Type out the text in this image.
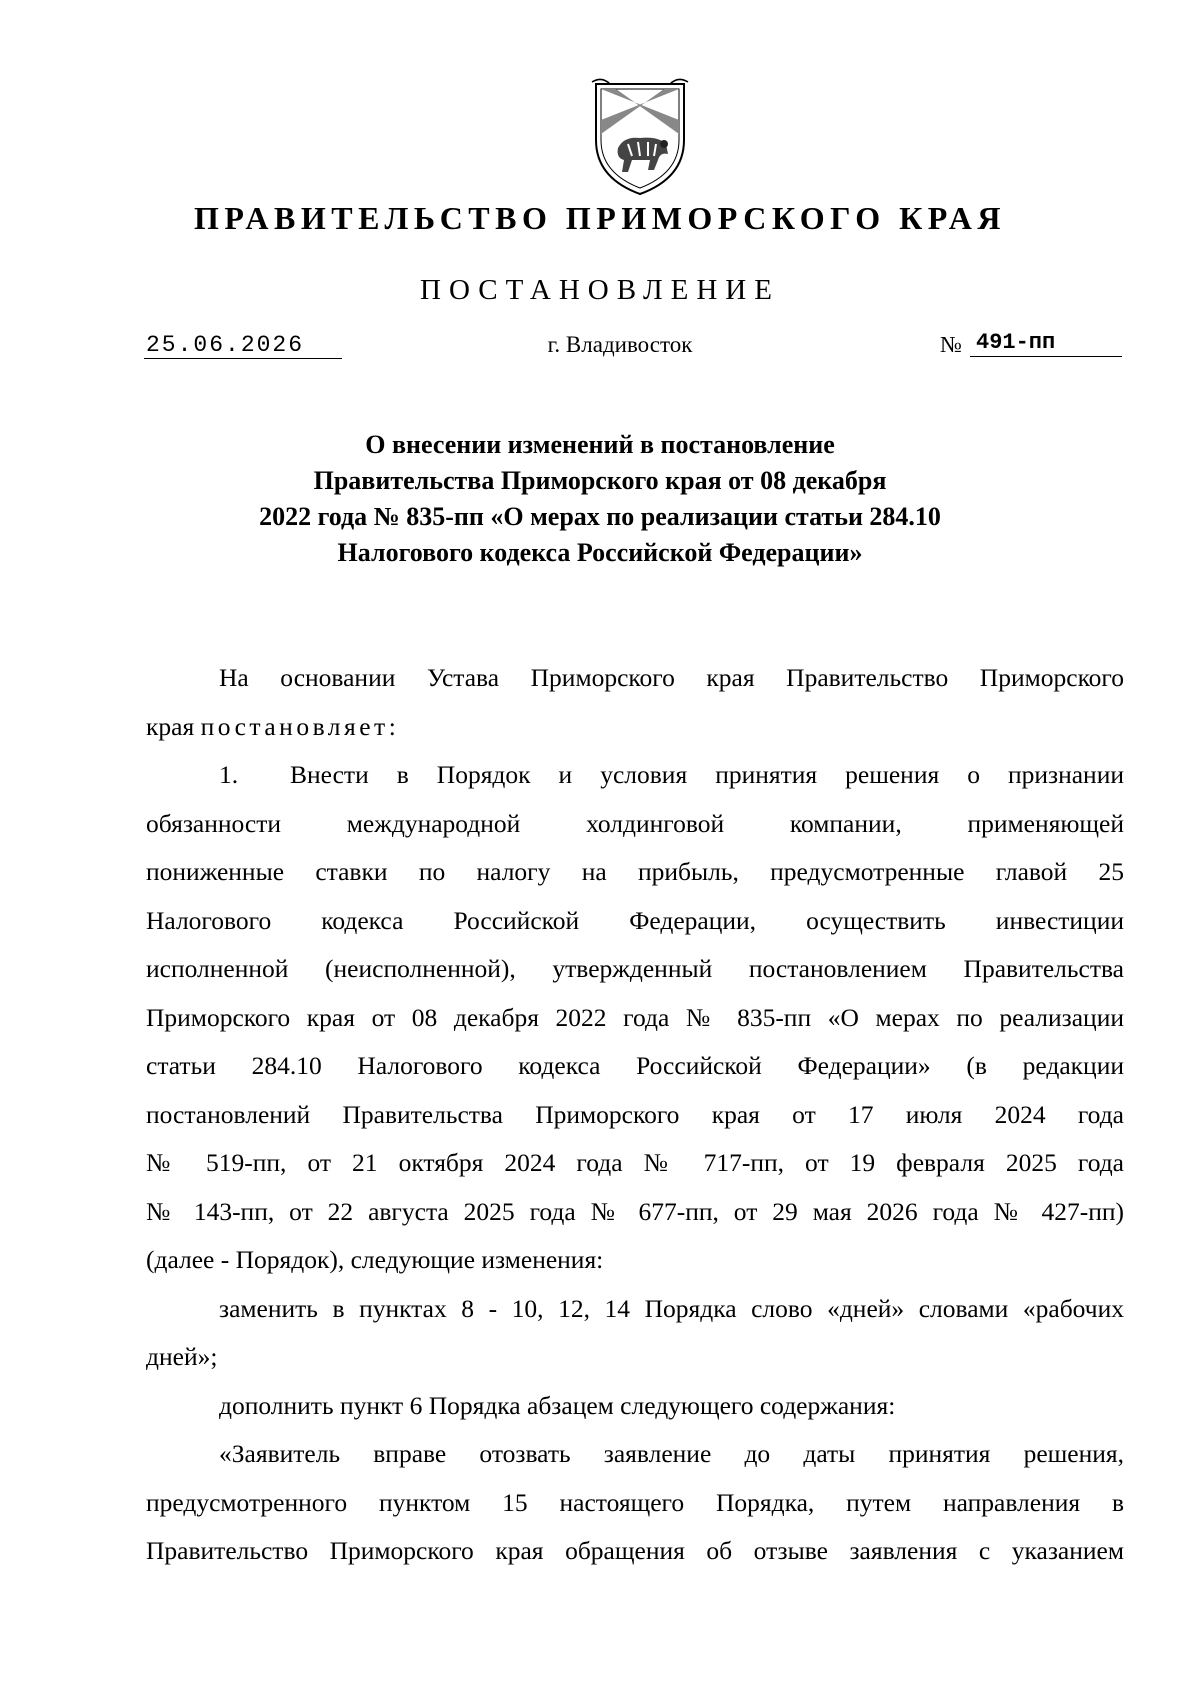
ПРАВИТЕЛЬСТВО ПРИМОРСКОГО КРАЯ
ПОСТАНОВЛЕНИЕ
25.06.2026	г. Владивосток	№ 491-пп
О внесении изменений в постановление
Правительства Приморского края от 08 декабря
2022 года № 835-пп «О мерах по реализации статьи 284.10
Налогового кодекса Российской Федерации»
На основании Устава Приморского края Правительство Приморского
края постановляет:
1. Внести в Порядок и условия принятия решения о признании
обязанности международной холдинговой компании, применяющей
пониженные ставки по налогу на прибыль, предусмотренные главой 25
Налогового кодекса Российской Федерации, осуществить инвестиции
исполненной (неисполненной), утвержденный постановлением Правительства
Приморского края от 08 декабря 2022 года № 835-пп «О мерах по реализации
статьи 284.10 Налогового кодекса Российской Федерации» (в редакции
постановлений Правительства Приморского края от 17 июля 2024 года
№ 519-пп, от 21 октября 2024 года № 717-пп, от 19 февраля 2025 года
№ 143-пп, от 22 августа 2025 года № 677-пп, от 29 мая 2026 года № 427-пп)
(далее - Порядок), следующие изменения:
заменить в пунктах 8 - 10, 12, 14 Порядка слово «дней» словами «рабочих
дней»;
дополнить пункт 6 Порядка абзацем следующего содержания:
«Заявитель вправе отозвать заявление до даты принятия решения,
предусмотренного пунктом 15 настоящего Порядка, путем направления в
Правительство Приморского края обращения об отзыве заявления с указанием
